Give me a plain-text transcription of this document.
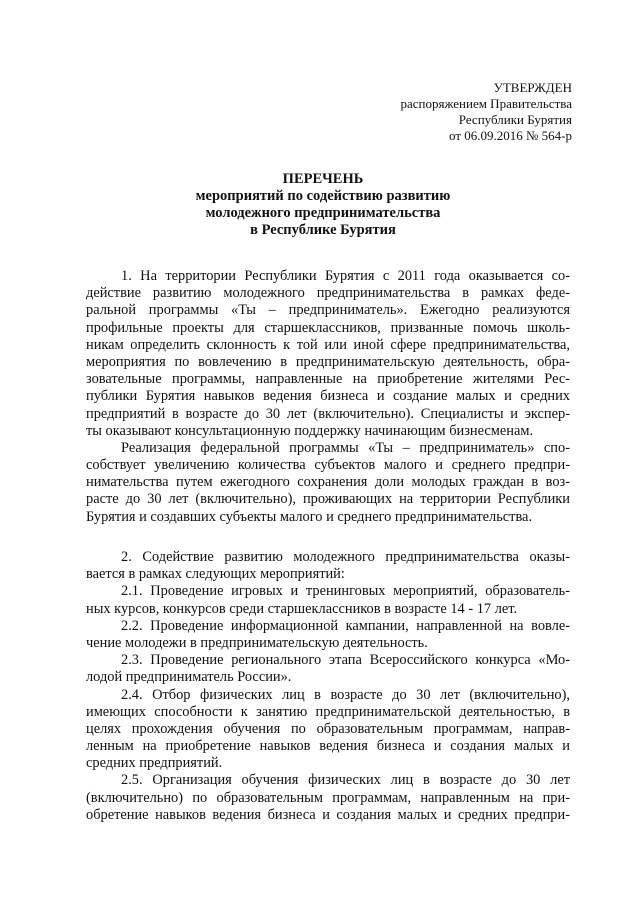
УТВЕРЖДЕН
распоряжением Правительства
Республики Бурятия
от 06.09.2016 № 564-р
ПЕРЕЧЕНЬ
мероприятий по содействию развитию
молодежного предпринимательства
в Республике Бурятия
1. На территории Республики Бурятия с 2011 года оказывается со-
действие развитию молодежного предпринимательства в рамках феде-
ральной программы «Ты – предприниматель». Ежегодно реализуются
профильные проекты для старшеклассников, призванные помочь школь-
никам определить склонность к той или иной сфере предпринимательства,
мероприятия по вовлечению в предпринимательскую деятельность, обра-
зовательные программы, направленные на приобретение жителями Рес-
публики Бурятия навыков ведения бизнеса и создание малых и средних
предприятий в возрасте до 30 лет (включительно). Специалисты и экспер-
ты оказывают консультационную поддержку начинающим бизнесменам.
Реализация федеральной программы «Ты – предприниматель» спо-
собствует увеличению количества субъектов малого и среднего предпри-
нимательства путем ежегодного сохранения доли молодых граждан в воз-
расте до 30 лет (включительно), проживающих на территории Республики
Бурятия и создавших субъекты малого и среднего предпринимательства.
2. Содействие развитию молодежного предпринимательства оказы-
вается в рамках следующих мероприятий:
2.1. Проведение игровых и тренинговых мероприятий, образователь-
ных курсов, конкурсов среди старшеклассников в возрасте 14 - 17 лет.
2.2. Проведение информационной кампании, направленной на вовле-
чение молодежи в предпринимательскую деятельность.
2.3. Проведение регионального этапа Всероссийского конкурса «Мо-
лодой предприниматель России».
2.4. Отбор физических лиц в возрасте до 30 лет (включительно),
имеющих способности к занятию предпринимательской деятельностью, в
целях прохождения обучения по образовательным программам, направ-
ленным на приобретение навыков ведения бизнеса и создания малых и
средних предприятий.
2.5. Организация обучения физических лиц в возрасте до 30 лет
(включительно) по образовательным программам, направленным на при-
обретение навыков ведения бизнеса и создания малых и средних предпри-
